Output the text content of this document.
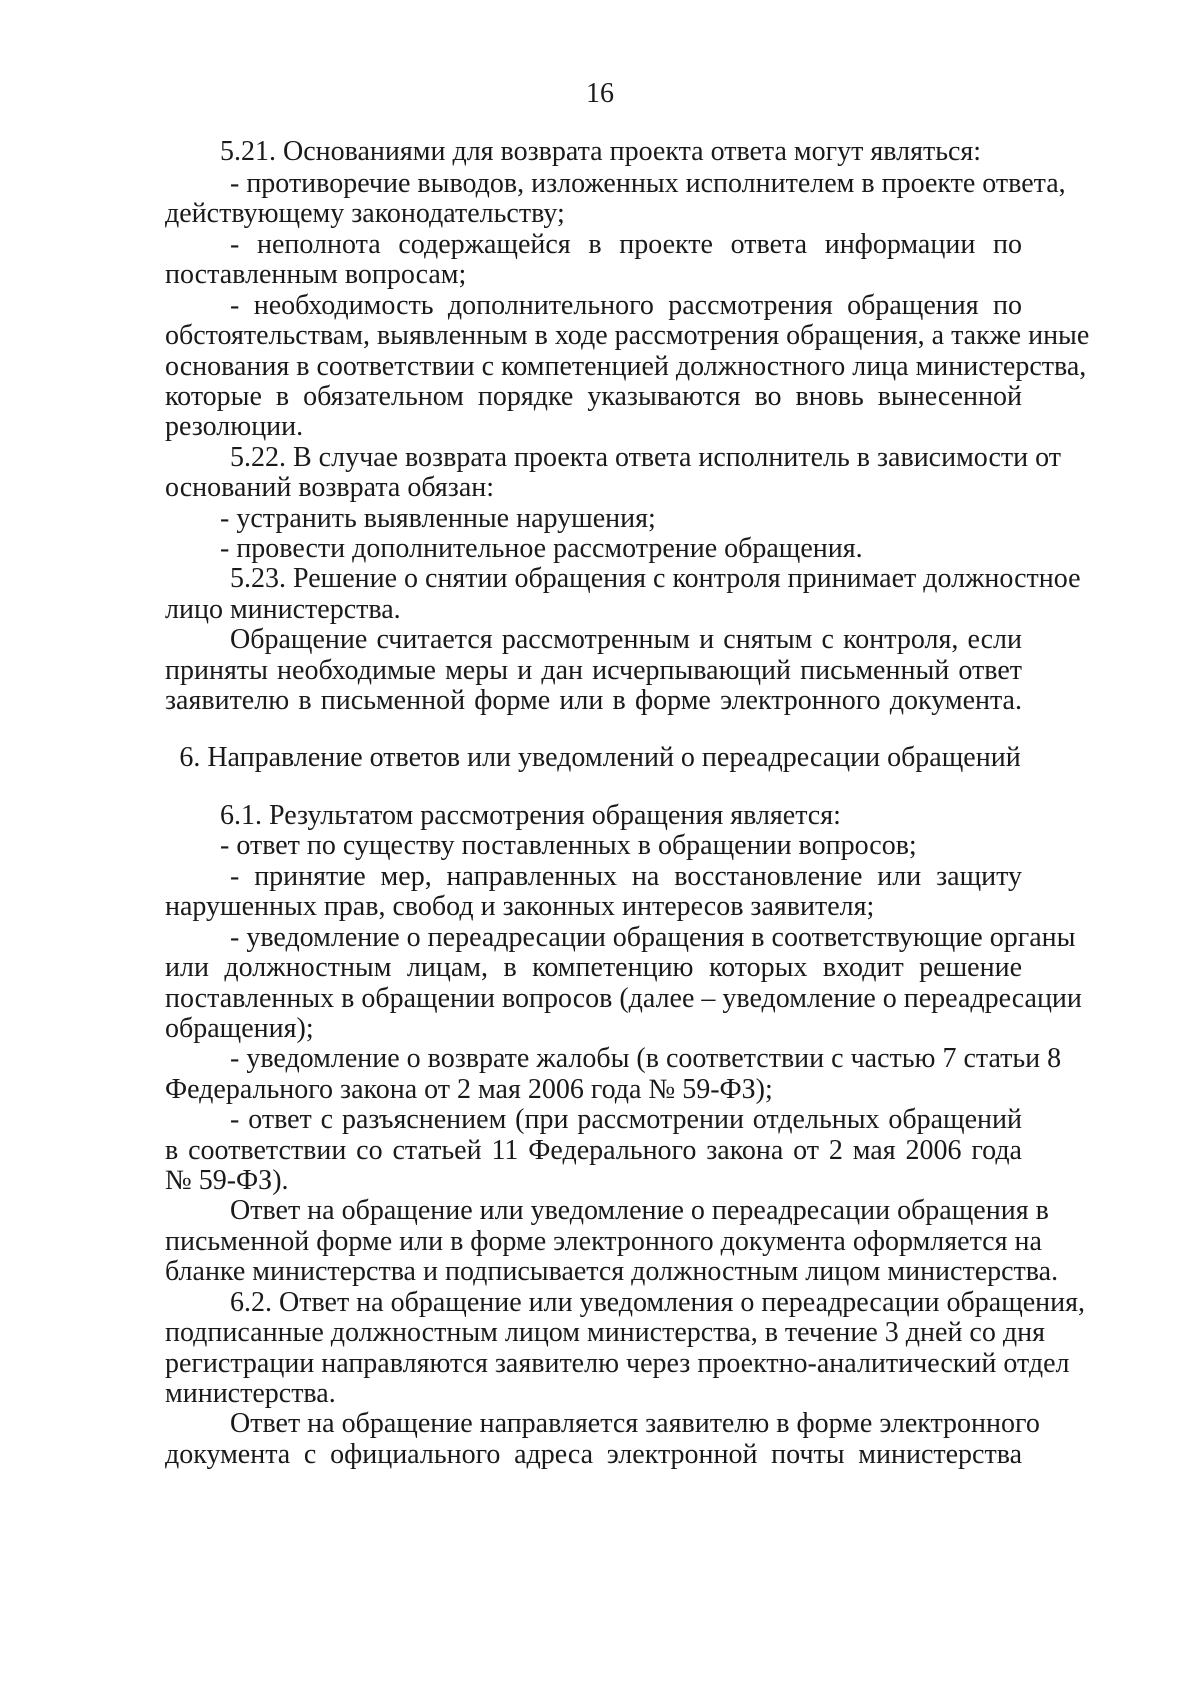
16
5.21. Основаниями для возврата проекта ответа могут являться:
- противоречие выводов, изложенных исполнителем в проекте ответа,
действующему законодательству;
- неполнота содержащейся в проекте ответа информации по
поставленным вопросам;
- необходимость дополнительного рассмотрения обращения по
обстоятельствам, выявленным в ходе рассмотрения обращения, а также иные
основания в соответствии с компетенцией должностного лица министерства,
которые в обязательном порядке указываются во вновь вынесенной
резолюции.
5.22. В случае возврата проекта ответа исполнитель в зависимости от
оснований возврата обязан:
- устранить выявленные нарушения;
- провести дополнительное рассмотрение обращения.
5.23. Решение о снятии обращения с контроля принимает должностное
лицо министерства.
Обращение считается рассмотренным и снятым с контроля, если
приняты необходимые меры и дан исчерпывающий письменный ответ
заявителю в письменной форме или в форме электронного документа.
6. Направление ответов или уведомлений о переадресации обращений
6.1. Результатом рассмотрения обращения является:
- ответ по существу поставленных в обращении вопросов;
- принятие мер, направленных на восстановление или защиту
нарушенных прав, свобод и законных интересов заявителя;
- уведомление о переадресации обращения в соответствующие органы
или должностным лицам, в компетенцию которых входит решение
поставленных в обращении вопросов (далее – уведомление о переадресации
обращения);
- уведомление о возврате жалобы (в соответствии с частью 7 статьи 8
Федерального закона от 2 мая 2006 года № 59-ФЗ);
- ответ с разъяснением (при рассмотрении отдельных обращений
в соответствии со статьей 11 Федерального закона от 2 мая 2006 года
№ 59-ФЗ).
Ответ на обращение или уведомление о переадресации обращения в
письменной форме или в форме электронного документа оформляется на
бланке министерства и подписывается должностным лицом министерства.
6.2. Ответ на обращение или уведомления о переадресации обращения,
подписанные должностным лицом министерства, в течение 3 дней со дня
регистрации направляются заявителю через проектно-аналитический отдел
министерства.
Ответ на обращение направляется заявителю в форме электронного
документа с официального адреса электронной почты министерства
